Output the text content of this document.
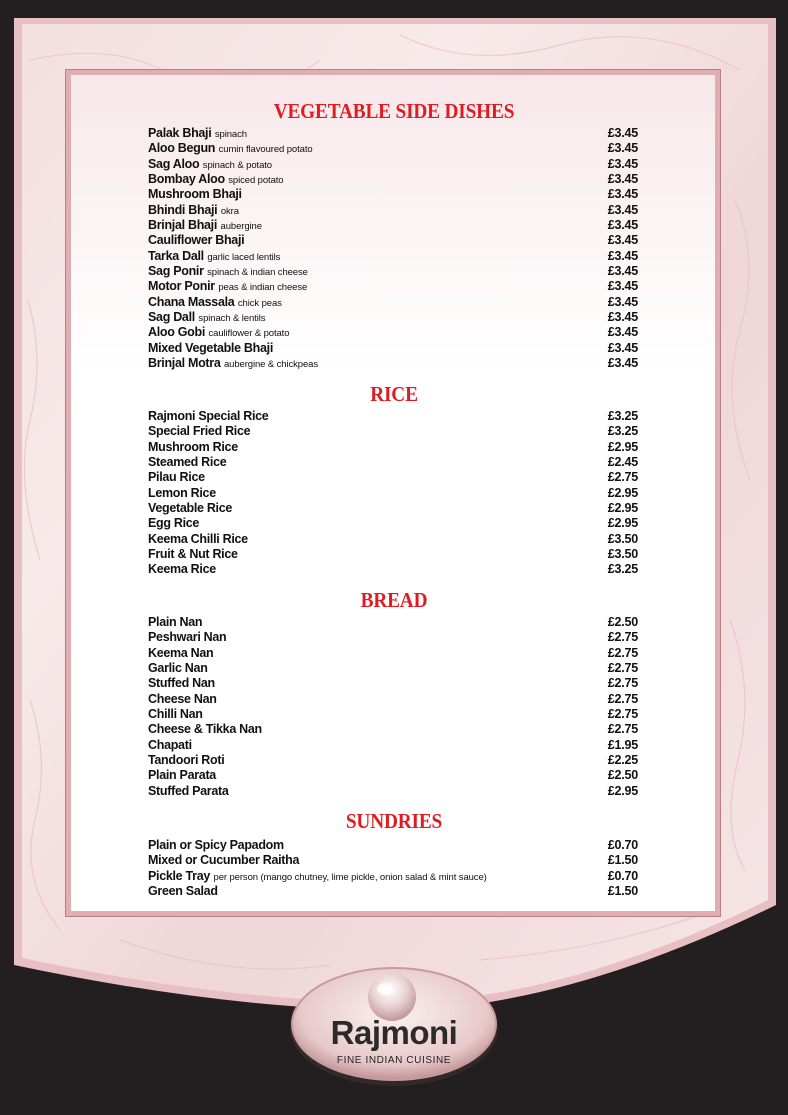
VEGETABLE SIDE DISHES
Palak Bhaji spinach	£3.45
Aloo Begun cumin flavoured potato	£3.45
Sag Aloo spinach & potato	£3.45
Bombay Aloo spiced potato	£3.45
Mushroom Bhaji	£3.45
Bhindi Bhaji okra	£3.45
Brinjal Bhaji aubergine	£3.45
Cauliflower Bhaji	£3.45
Tarka Dall garlic laced lentils	£3.45
Sag Ponir spinach & indian cheese	£3.45
Motor Ponir peas & indian cheese	£3.45
Chana Massala chick peas	£3.45
Sag Dall spinach & lentils	£3.45
Aloo Gobi cauliflower & potato	£3.45
Mixed Vegetable Bhaji	£3.45
Brinjal Motra aubergine & chickpeas	£3.45
RICE
Rajmoni Special Rice	£3.25
Special Fried Rice	£3.25
Mushroom Rice	£2.95
Steamed Rice	£2.45
Pilau Rice	£2.75
Lemon Rice	£2.95
Vegetable Rice	£2.95
Egg Rice	£2.95
Keema Chilli Rice	£3.50
Fruit & Nut Rice	£3.50
Keema Rice	£3.25
BREAD
Plain Nan	£2.50
Peshwari Nan	£2.75
Keema Nan	£2.75
Garlic Nan	£2.75
Stuffed Nan	£2.75
Cheese Nan	£2.75
Chilli Nan	£2.75
Cheese & Tikka Nan	£2.75
Chapati	£1.95
Tandoori Roti	£2.25
Plain Parata	£2.50
Stuffed Parata	£2.95
SUNDRIES
Plain or Spicy Papadom	£0.70
Mixed or Cucumber Raitha	£1.50
Pickle Tray per person (mango chutney, lime pickle, onion salad & mint sauce)	£0.70
Green Salad	£1.50
Rajmoni
FINE INDIAN CUISINE
